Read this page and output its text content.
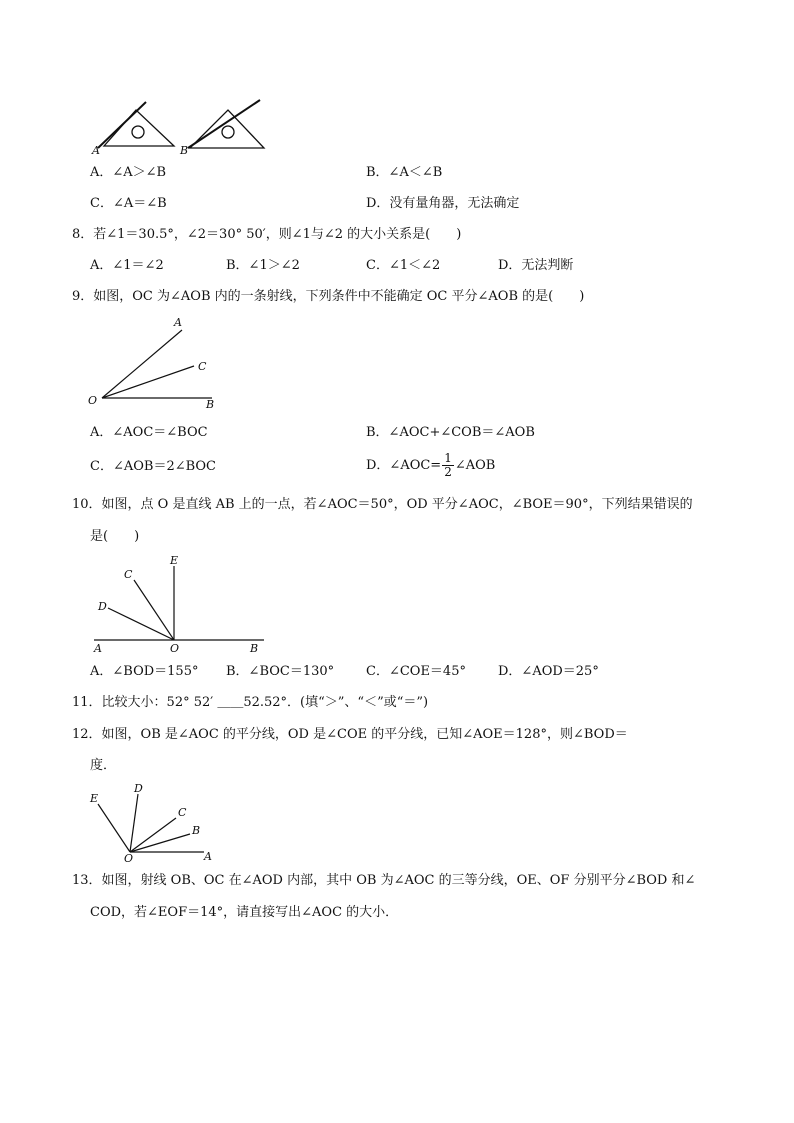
A	B
A．∠A＞∠B	B．∠A＜∠B
C．∠A＝∠B	D．没有量角器，无法确定
8．若∠1＝30.5°，∠2＝30° 50′，则∠1与∠2 的大小关系是(　　)
A．∠1＝∠2	B．∠1＞∠2	C．∠1＜∠2	D．无法判断
9．如图，OC 为∠AOB 内的一条射线，下列条件中不能确定 OC 平分∠AOB 的是(　　)
A
C
O	B
A．∠AOC＝∠BOC	B．∠AOC+∠COB＝∠AOB
C．∠AOB＝2∠BOC	D．∠AOC= $\frac{1}{2}$ ∠AOB
10．如图，点 O 是直线 AB 上的一点，若∠AOC＝50°，OD 平分∠AOC，∠BOE＝90°，下列结果错误的
是(　　)
E
C
D
A	O	B
A．∠BOD＝155° B．∠BOC＝130° C．∠COE＝45° D．∠AOD＝25°
11．比较大小：52° 52′ ＿＿52.52°．(填“＞”、“＜”或“＝”)
12．如图，OB 是∠AOC 的平分线，OD 是∠COE 的平分线，已知∠AOE＝128°，则∠BOD＝
度．
E
D
C
B
O	A
13．如图，射线 OB、OC 在∠AOD 内部，其中 OB 为∠AOC 的三等分线，OE、OF 分别平分∠BOD 和∠
COD，若∠EOF＝14°，请直接写出∠AOC 的大小．
